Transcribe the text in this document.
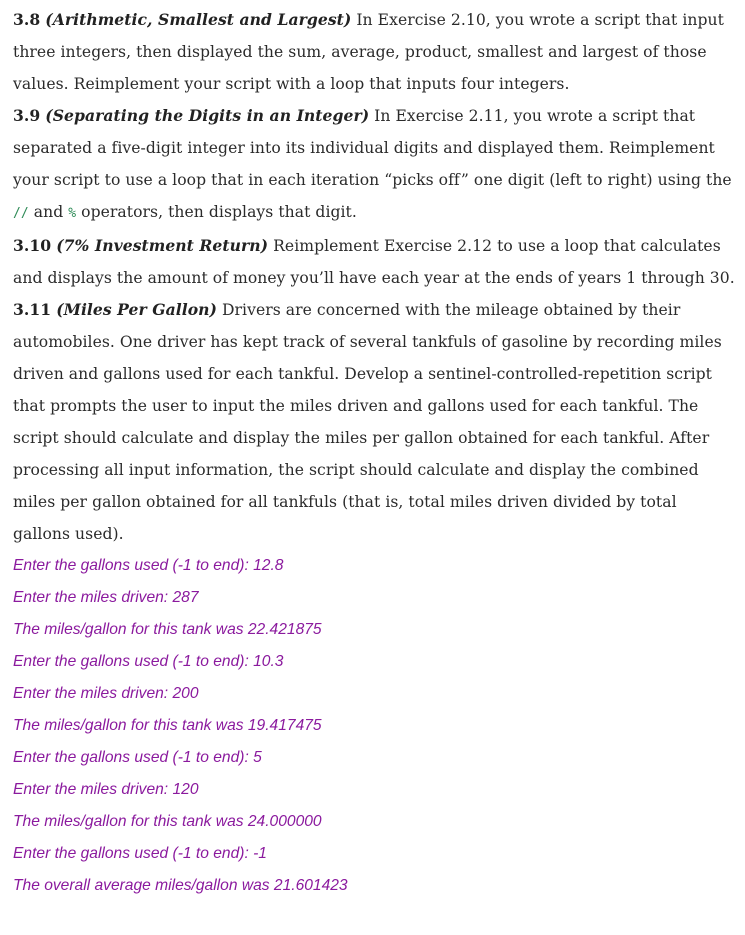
3.8 (Arithmetic, Smallest and Largest) In Exercise 2.10, you wrote a script that input three integers, then displayed the sum, average, product, smallest and largest of those values. Reimplement your script with a loop that inputs four integers.

3.9 (Separating the Digits in an Integer) In Exercise 2.11, you wrote a script that separated a five-digit integer into its individual digits and displayed them. Reimplement your script to use a loop that in each iteration “picks off” one digit (left to right) using the // and % operators, then displays that digit.

3.10 (7% Investment Return) Reimplement Exercise 2.12 to use a loop that calculates and displays the amount of money you’ll have each year at the ends of years 1 through 30.

3.11 (Miles Per Gallon) Drivers are concerned with the mileage obtained by their automobiles. One driver has kept track of several tankfuls of gasoline by recording miles driven and gallons used for each tankful. Develop a sentinel-controlled-repetition script that prompts the user to input the miles driven and gallons used for each tankful. The script should calculate and display the miles per gallon obtained for each tankful. After processing all input information, the script should calculate and display the combined miles per gallon obtained for all tankfuls (that is, total miles driven divided by total gallons used).

Enter the gallons used (-1 to end): 12.8

Enter the miles driven: 287

The miles/gallon for this tank was 22.421875

Enter the gallons used (-1 to end): 10.3

Enter the miles driven: 200

The miles/gallon for this tank was 19.417475

Enter the gallons used (-1 to end): 5

Enter the miles driven: 120

The miles/gallon for this tank was 24.000000

Enter the gallons used (-1 to end): -1

The overall average miles/gallon was 21.601423
